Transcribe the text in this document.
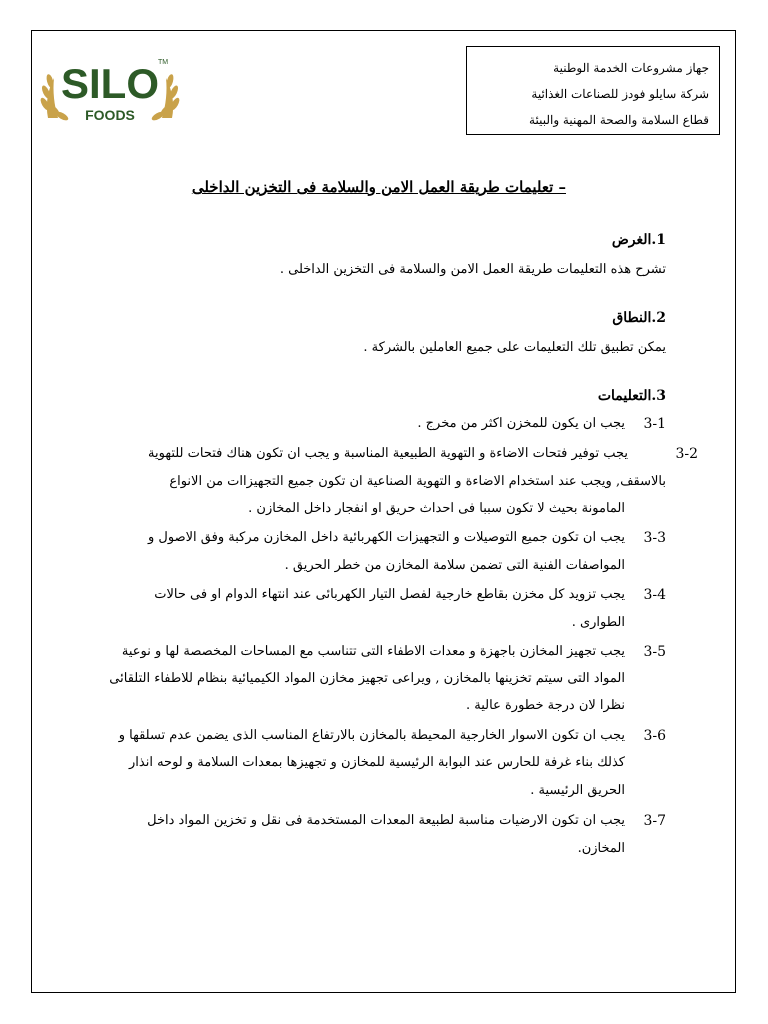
SILO
TM
FOODS
جهاز مشروعات الخدمة الوطنية
شركة سايلو فودز للصناعات الغذائية
قطاع السلامة والصحة المهنية والبيئة
– تعليمات طريقة العمل الامن والسلامة فى التخزين الداخلى
1.الغرض
تشرح هذه التعليمات طريقة العمل الامن والسلامة فى التخزين الداخلى .
2.النطاق
يمكن تطبيق تلك التعليمات على جميع العاملين بالشركة .
3.التعليمات
3-1
يجب ان يكون للمخزن اكثر من مخرج .
3-2
يجب توفير فتحات الاضاءة و التهوية الطبيعية المناسبة و يجب ان تكون هناك فتحات للتهوية
بالاسقف, ويجب عند استخدام الاضاءة و التهوية الصناعية ان تكون جميع التجهيزاات من الانواع
المامونة بحيث لا تكون سببا فى احداث حريق او انفجار داخل المخازن .
3-3
يجب ان تكون جميع التوصيلات و التجهيزات الكهربائية داخل المخازن مركبة وفق الاصول و
المواصفات الفنية التى تضمن سلامة المخازن من خطر الحريق .
3-4
يجب تزويد كل مخزن بقاطع خارجية لفصل التيار الكهربائى عند انتهاء الدوام او فى حالات
الطوارى .
3-5
يجب تجهيز المخازن باجهزة و معدات الاطفاء التى تتناسب مع المساحات المخصصة لها و نوعية
المواد التى سيتم تخزينها بالمخازن , ويراعى تجهيز مخازن المواد الكيميائية بنظام للاطفاء التلقائى
نظرا لان درجة خطورة عالية .
3-6
يجب ان تكون الاسوار الخارجية المحيطة بالمخازن بالارتفاع المناسب الذى يضمن عدم تسلقها و
كذلك بناء غرفة للحارس عند البوابة الرئيسية للمخازن و تجهيزها بمعدات السلامة و لوحه انذار
الحريق الرئيسية .
3-7
يجب ان تكون الارضيات مناسبة لطبيعة المعدات المستخدمة فى نقل و تخزين المواد داخل
المخازن.
